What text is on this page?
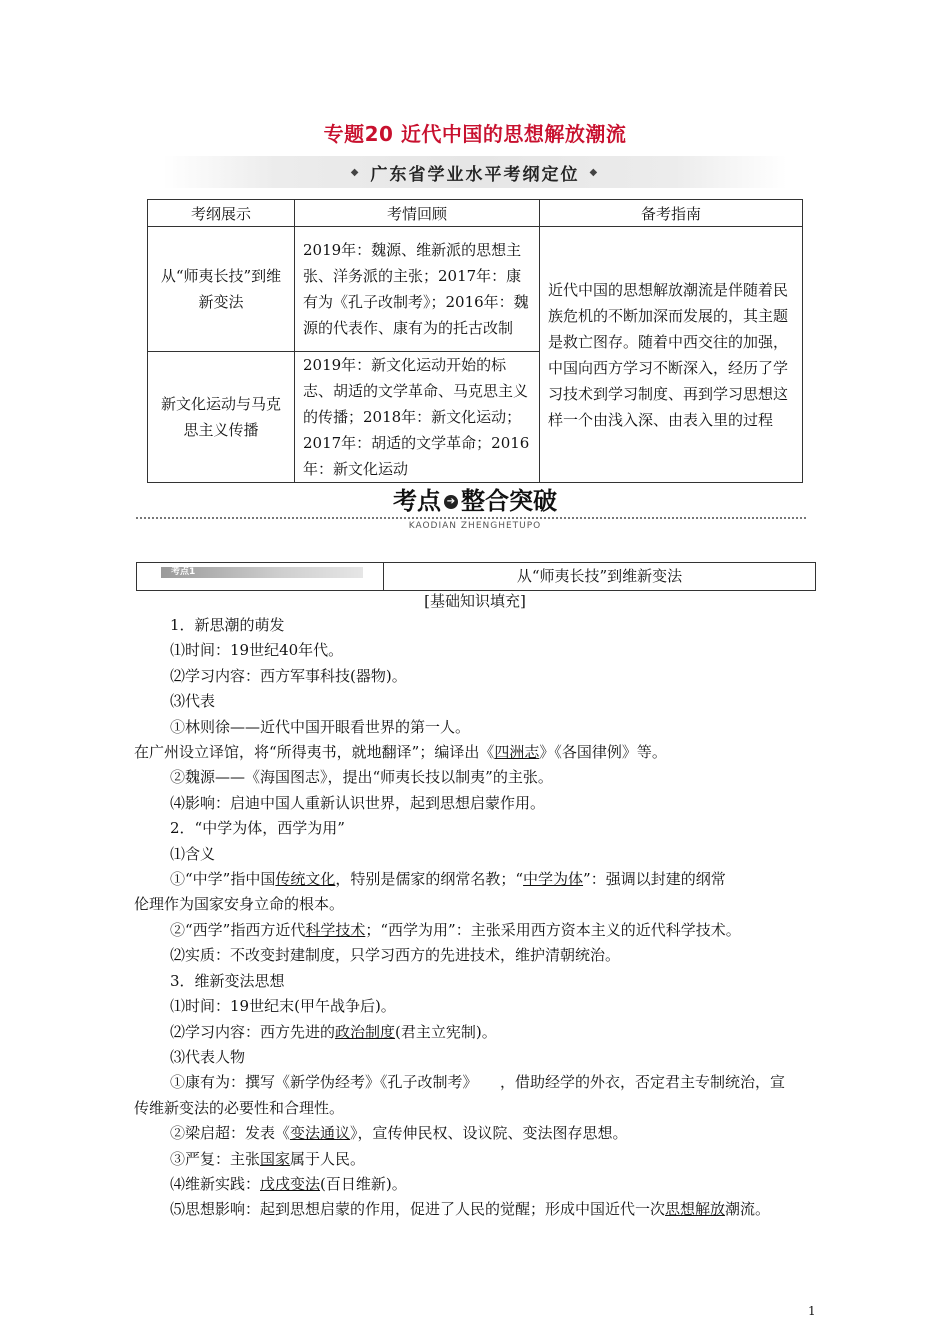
专题20 近代中国的思想解放潮流
◆ 广东省学业水平考纲定位 ◆
考纲展示	考情回顾	备考指南
从“师夷长技”到维新变法	2019年：魏源、维新派的思想主张、洋务派的主张；2017年：康有为《孔子改制考》；2016年：魏源的代表作、康有为的托古改制	近代中国的思想解放潮流是伴随着民族危机的不断加深而发展的，其主题是救亡图存。随着中西交往的加强，中国向西方学习不断深入，经历了学习技术到学习制度、再到学习思想这样一个由浅入深、由表入里的过程
新文化运动与马克思主义传播	2019年：新文化运动开始的标志、胡适的文学革命、马克思主义的传播；2018年：新文化运动；2017年：胡适的文学革命；2016年：新文化运动	
考点 ➔ 整合突破
KAODIAN ZHENGHETUPO
考点1	从“师夷长技”到维新变法
[基础知识填充]

1．新思潮的萌发

⑴时间：19世纪40年代。

⑵学习内容：西方军事科技(器物)。

⑶代表

①林则徐——近代中国开眼看世界的第一人。

在广州设立译馆，将“所得夷书，就地翻译”；编译出《四洲志》《各国律例》等。

②魏源——《海国图志》，提出“师夷长技以制夷”的主张。

⑷影响：启迪中国人重新认识世界，起到思想启蒙作用。

2．“中学为体，西学为用”

⑴含义

①“中学”指中国传统文化，特别是儒家的纲常名教；“中学为体”：强调以封建的纲常

伦理作为国家安身立命的根本。

②“西学”指西方近代科学技术；“西学为用”：主张采用西方资本主义的近代科学技术。

⑵实质：不改变封建制度，只学习西方的先进技术，维护清朝统治。

3．维新变法思想

⑴时间：19世纪末(甲午战争后)。

⑵学习内容：西方先进的政治制度(君主立宪制)。

⑶代表人物

①康有为：撰写《新学伪经考》《孔子改制考》　　，借助经学的外衣，否定君主专制统治，宣

传维新变法的必要性和合理性。

②梁启超：发表《变法通议》，宣传伸民权、设议院、变法图存思想。

③严复：主张国家属于人民。

⑷维新实践：戊戌变法(百日维新)。

⑸思想影响：起到思想启蒙的作用，促进了人民的觉醒；形成中国近代一次思想解放潮流。

1
